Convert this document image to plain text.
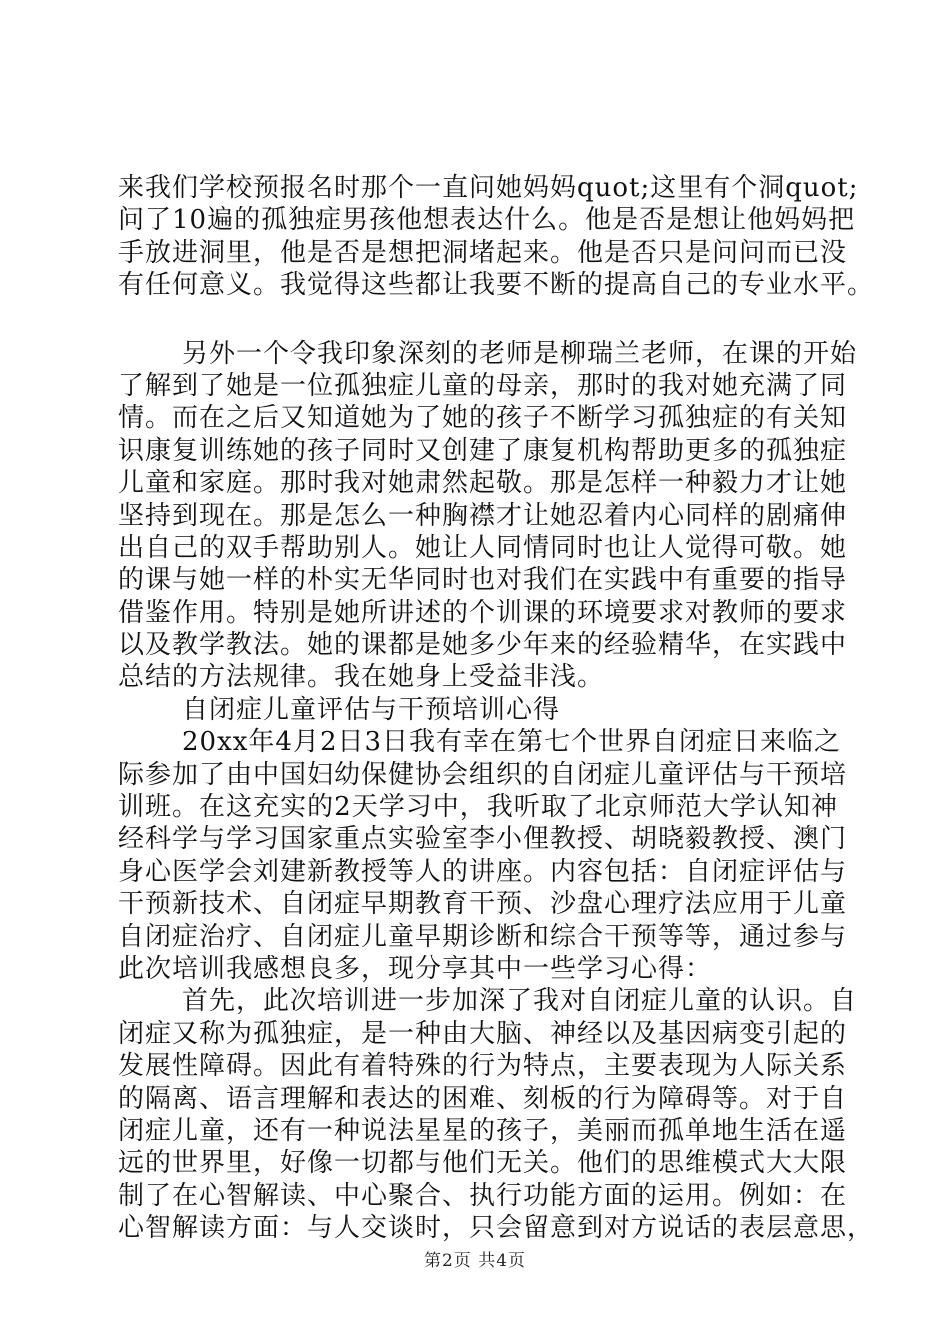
来我们学校预报名时那个一直问她妈妈quot;这里有个洞quot;
问了10遍的孤独症男孩他想表达什么。他是否是想让他妈妈把
手放进洞里，他是否是想把洞堵起来。他是否只是问问而已没
有任何意义。我觉得这些都让我要不断的提高自己的专业水平。
另外一个令我印象深刻的老师是柳瑞兰老师，在课的开始
了解到了她是一位孤独症儿童的母亲，那时的我对她充满了同
情。而在之后又知道她为了她的孩子不断学习孤独症的有关知
识康复训练她的孩子同时又创建了康复机构帮助更多的孤独症
儿童和家庭。那时我对她肃然起敬。那是怎样一种毅力才让她
坚持到现在。那是怎么一种胸襟才让她忍着内心同样的剧痛伸
出自己的双手帮助别人。她让人同情同时也让人觉得可敬。她
的课与她一样的朴实无华同时也对我们在实践中有重要的指导
借鉴作用。特别是她所讲述的个训课的环境要求对教师的要求
以及教学教法。她的课都是她多少年来的经验精华，在实践中
总结的方法规律。我在她身上受益非浅。
自闭症儿童评估与干预培训心得
20xx年4月2日3日我有幸在第七个世界自闭症日来临之
际参加了由中国妇幼保健协会组织的自闭症儿童评估与干预培
训班。在这充实的2天学习中，我听取了北京师范大学认知神
经科学与学习国家重点实验室李小俚教授、胡晓毅教授、澳门
身心医学会刘建新教授等人的讲座。内容包括：自闭症评估与
干预新技术、自闭症早期教育干预、沙盘心理疗法应用于儿童
自闭症治疗、自闭症儿童早期诊断和综合干预等等，通过参与
此次培训我感想良多，现分享其中一些学习心得：
首先，此次培训进一步加深了我对自闭症儿童的认识。自
闭症又称为孤独症，是一种由大脑、神经以及基因病变引起的
发展性障碍。因此有着特殊的行为特点，主要表现为人际关系
的隔离、语言理解和表达的困难、刻板的行为障碍等。对于自
闭症儿童，还有一种说法星星的孩子，美丽而孤单地生活在遥
远的世界里，好像一切都与他们无关。他们的思维模式大大限
制了在心智解读、中心聚合、执行功能方面的运用。例如：在
心智解读方面：与人交谈时，只会留意到对方说话的表层意思，
第2页 共4页
